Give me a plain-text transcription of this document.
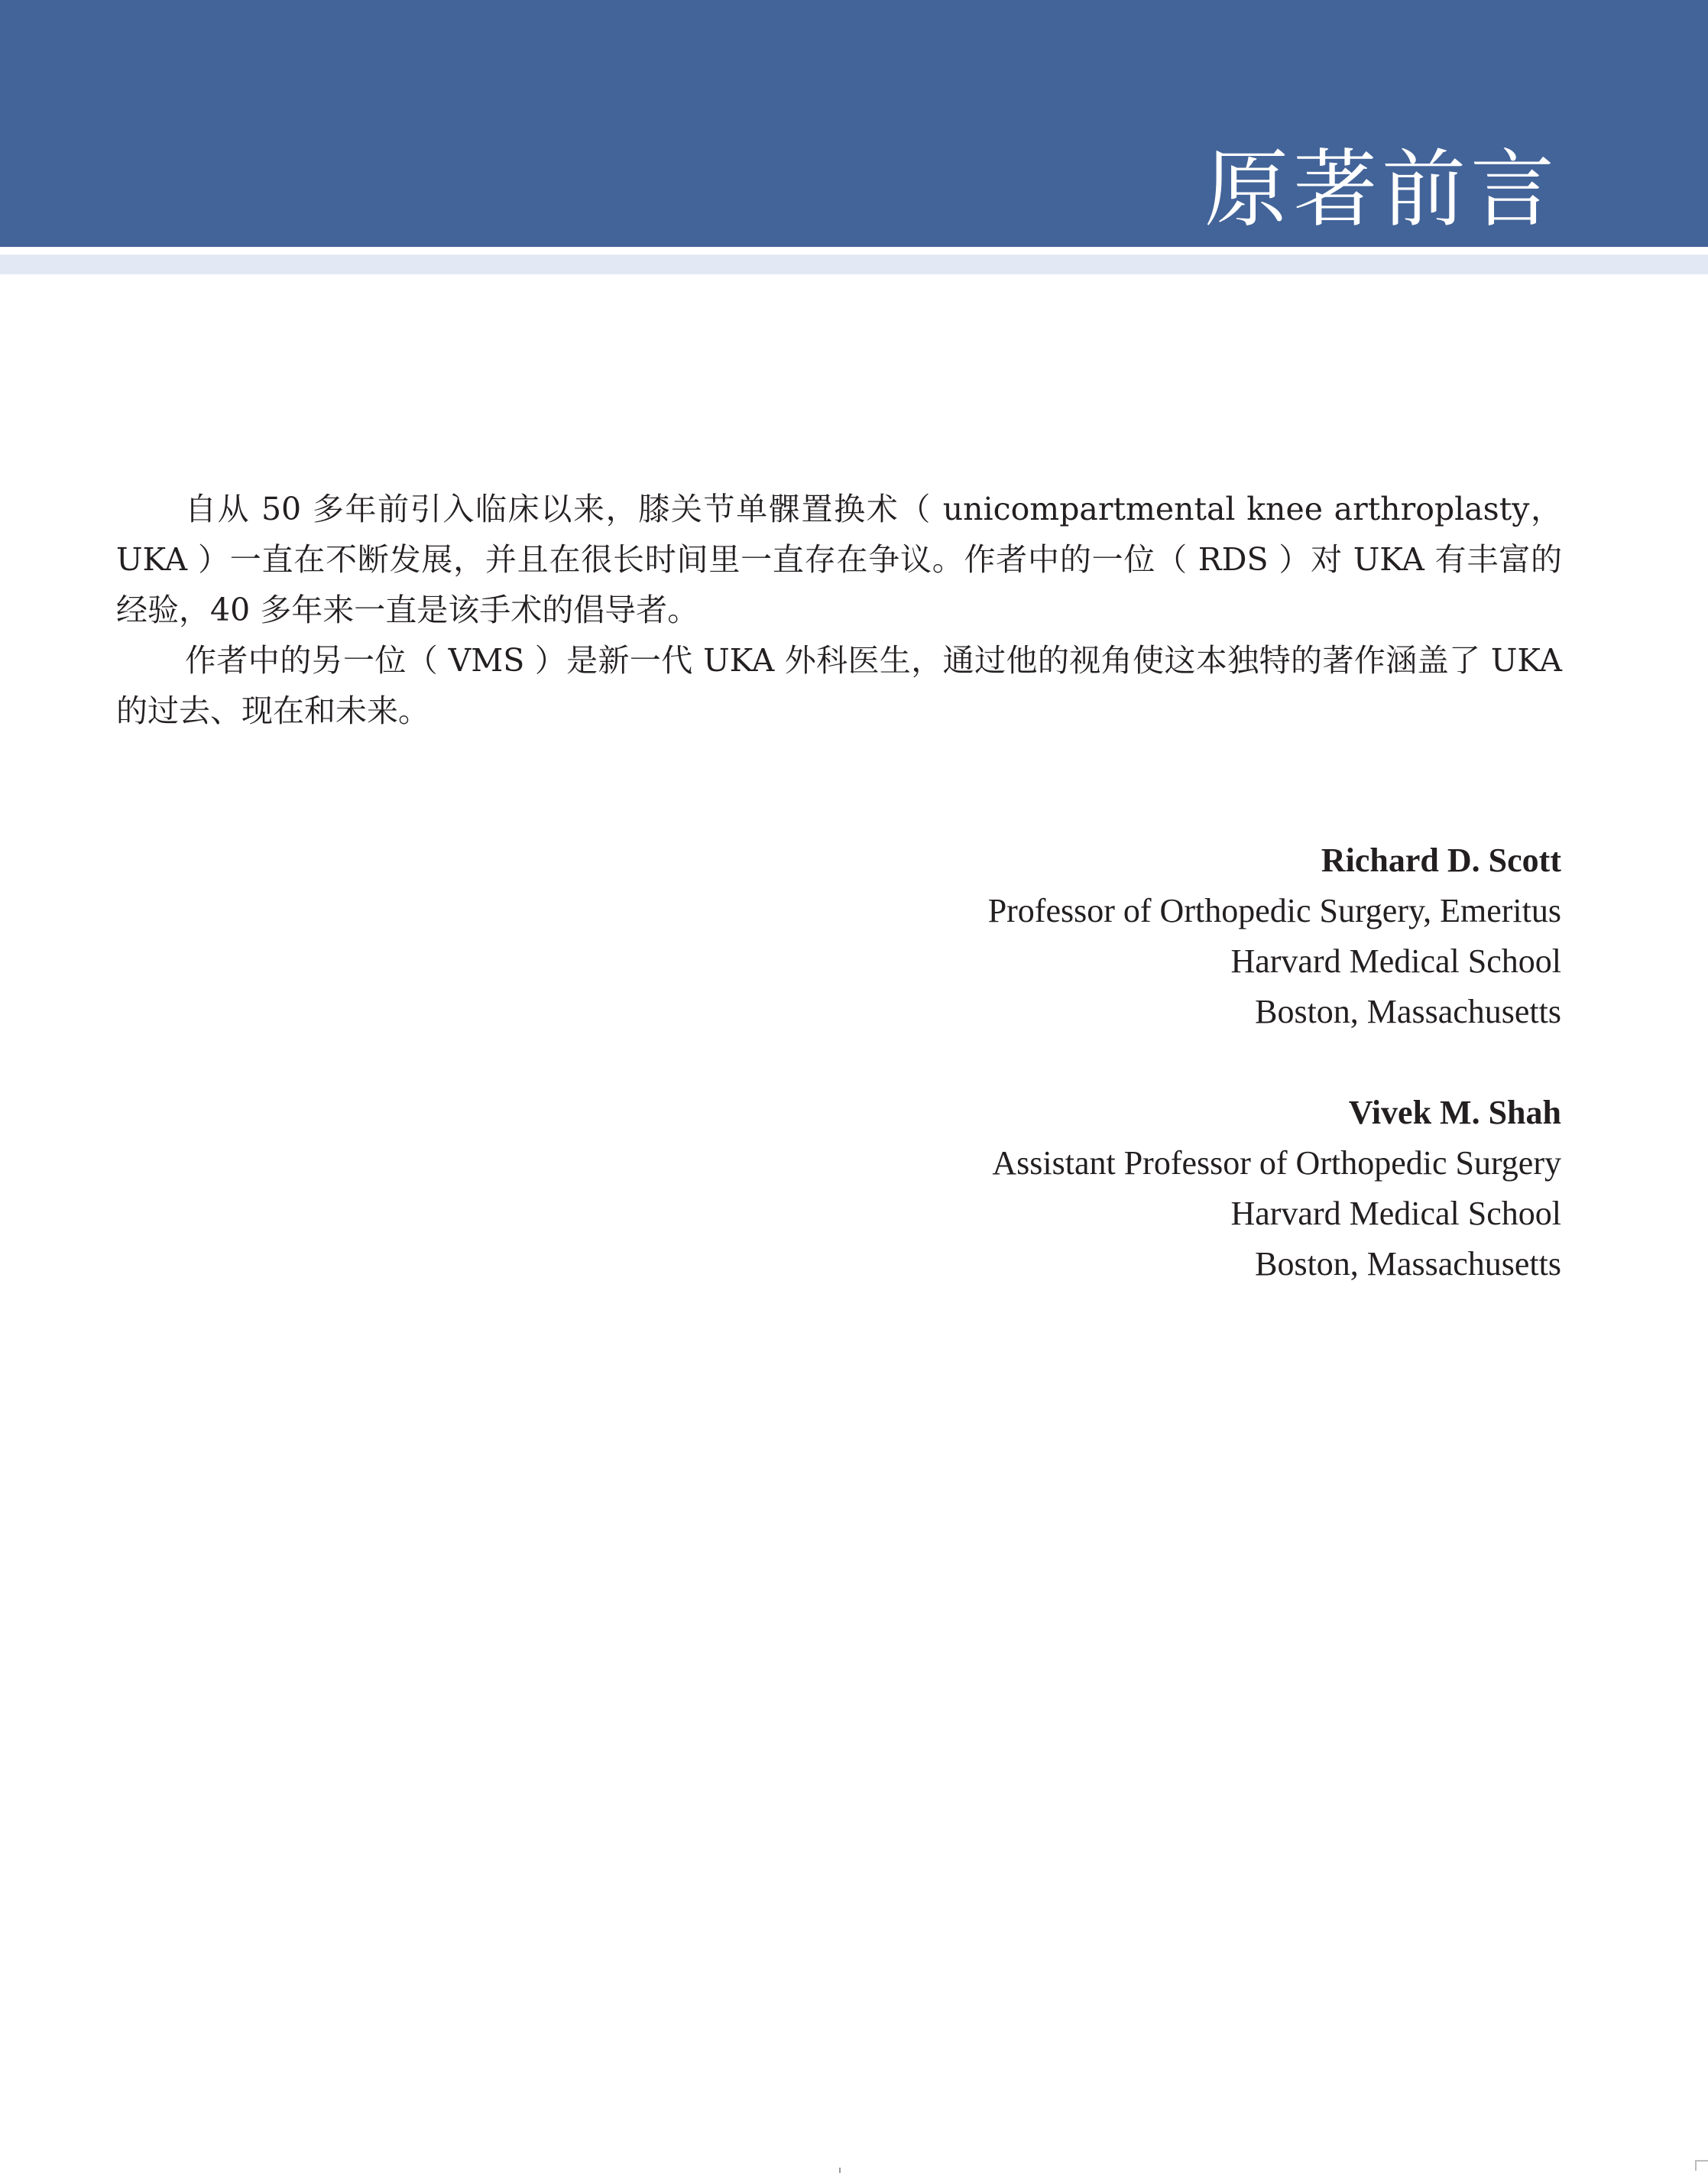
原著前言

自从 50 多年前引入临床以来，膝关节单髁置换术（ unicompartmental knee arthroplasty，UKA ）一直在不断发展，并且在很长时间里一直存在争议。作者中的一位（ RDS ）对 UKA 有丰富的经验，40 多年来一直是该手术的倡导者。

作者中的另一位（ VMS ）是新一代 UKA 外科医生，通过他的视角使这本独特的著作涵盖了 UKA 的过去、现在和未来。

Richard D. Scott
Professor of Orthopedic Surgery, Emeritus
Harvard Medical School
Boston, Massachusetts
Vivek M. Shah
Assistant Professor of Orthopedic Surgery
Harvard Medical School
Boston, Massachusetts
